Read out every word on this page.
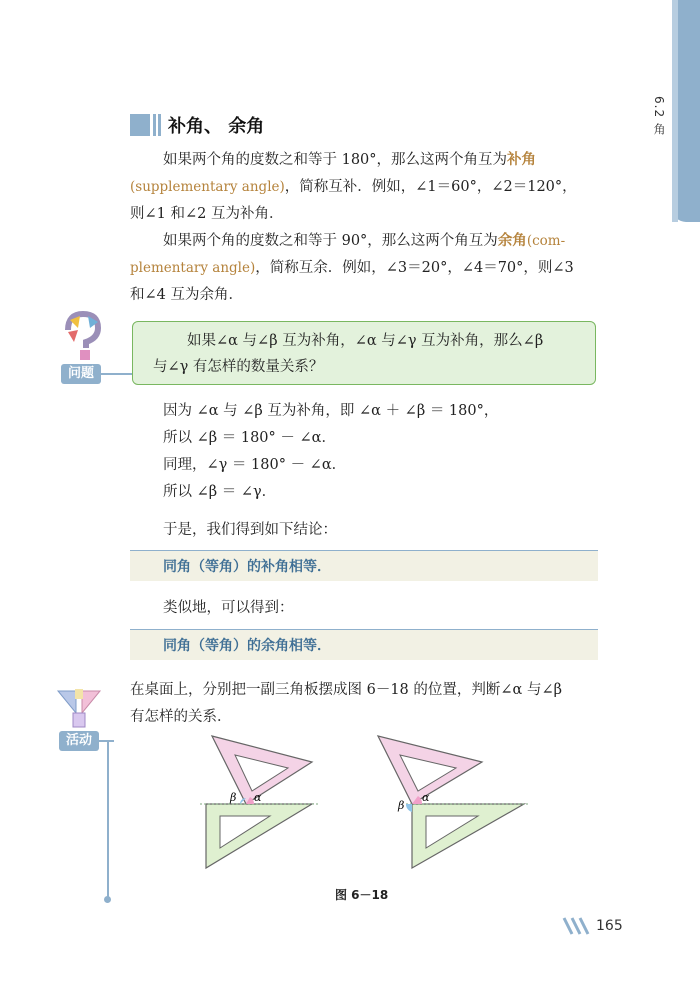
6.2 角
补角、 余角
如果两个角的度数之和等于 180°，那么这两个角互为补角
(supplementary angle)，简称互补．例如，∠1＝60°，∠2＝120°，
则∠1 和∠2 互为补角．
如果两个角的度数之和等于 90°，那么这两个角互为余角(com-
plementary angle)，简称互余．例如，∠3＝20°，∠4＝70°，则∠3
和∠4 互为余角．
问题
如果∠α 与∠β 互为补角，∠α 与∠γ 互为补角，那么∠β
与∠γ 有怎样的数量关系？
因为 ∠α 与 ∠β 互为补角，即 ∠α ＋ ∠β ＝ 180°，
所以 ∠β ＝ 180° － ∠α．
同理，∠γ ＝ 180° － ∠α．
所以 ∠β ＝ ∠γ．
于是，我们得到如下结论：
同角（等角）的补角相等．
类似地，可以得到：
同角（等角）的余角相等．
活动
在桌面上，分别把一副三角板摆成图 6－18 的位置，判断∠α 与∠β
有怎样的关系．
β α
β
α
图 6－18
165
